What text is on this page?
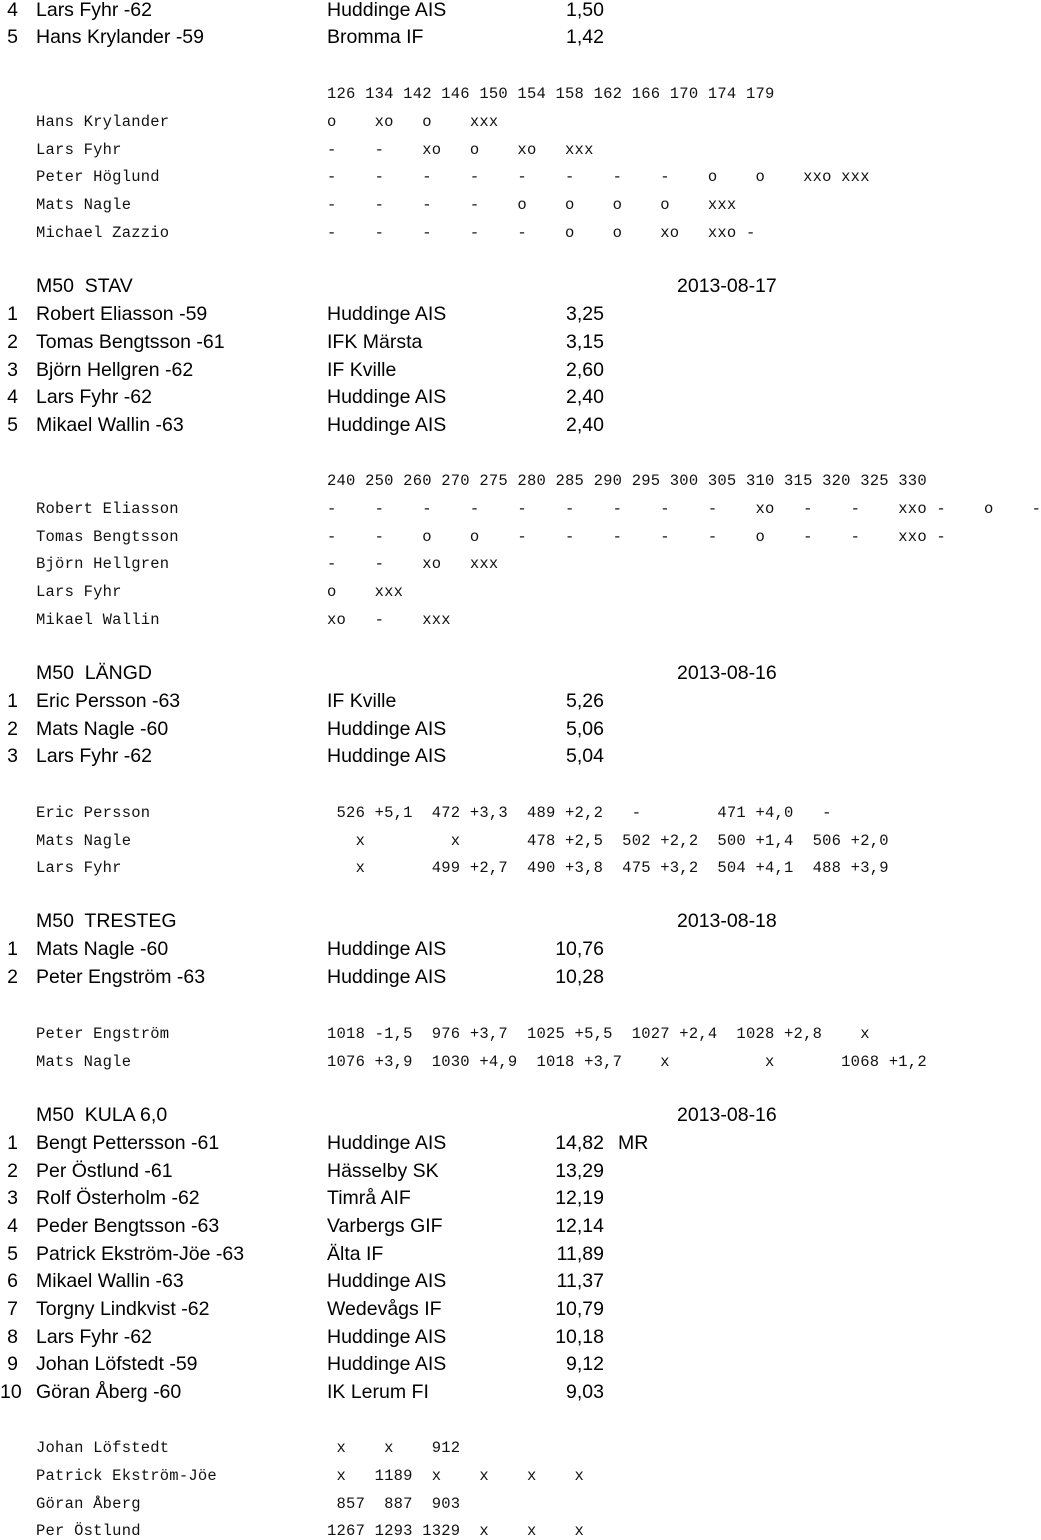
4 Lars Fyhr -62	Huddinge AIS	1,50
5 Hans Krylander -59	Bromma IF	1,42
126 134 142 146 150 154 158 162 166 170 174 179
Hans Krylander	o    xo   o    xxx
Lars Fyhr	-    -    xo   o    xo   xxx
Peter Höglund	-    -    -    -    -    -    -    -    o    o    xxo xxx
Mats Nagle	-    -    -    -    o    o    o    o    xxx
Michael Zazzio	-    -    -    -    -    o    o    xo   xxo -
M50  STAV	2013-08-17
1 Robert Eliasson -59	Huddinge AIS	3,25
2 Tomas Bengtsson -61	IFK Märsta	3,15
3 Björn Hellgren -62	IF Kville	2,60
4 Lars Fyhr -62	Huddinge AIS	2,40
5 Mikael Wallin -63	Huddinge AIS	2,40
240 250 260 270 275 280 285 290 295 300 305 310 315 320 325 330
Robert Eliasson	-    -    -    -    -    -    -    -    -    xo   -    -    xxo -    o    -
Tomas Bengtsson	-    -    o    o    -    -    -    -    -    o    -    -    xxo -
Björn Hellgren	-    -    xo   xxx
Lars Fyhr	o    xxx
Mikael Wallin	xo   -    xxx
M50  LÄNGD	2013-08-16
1 Eric Persson -63	IF Kville	5,26
2 Mats Nagle -60	Huddinge AIS	5,06
3 Lars Fyhr -62	Huddinge AIS	5,04
Eric Persson	526 +5,1  472 +3,3  489 +2,2   -        471 +4,0   -
Mats Nagle	x         x       478 +2,5  502 +2,2  500 +1,4  506 +2,0
Lars Fyhr	x       499 +2,7  490 +3,8  475 +3,2  504 +4,1  488 +3,9
M50  TRESTEG	2013-08-18
1 Mats Nagle -60	Huddinge AIS	10,76
2 Peter Engström -63	Huddinge AIS	10,28
Peter Engström	1018 -1,5  976 +3,7  1025 +5,5  1027 +2,4  1028 +2,8    x
Mats Nagle	1076 +3,9  1030 +4,9  1018 +3,7    x          x       1068 +1,2
M50  KULA 6,0	2013-08-16
1 Bengt Pettersson -61	Huddinge AIS	14,82 MR
2 Per Östlund -61	Hässelby SK	13,29
3 Rolf Österholm -62	Timrå AIF	12,19
4 Peder Bengtsson -63	Varbergs GIF	12,14
5 Patrick Ekström-Jöe -63	Älta IF	11,89
6 Mikael Wallin -63	Huddinge AIS	11,37
7 Torgny Lindkvist -62	Wedevågs IF	10,79
8 Lars Fyhr -62	Huddinge AIS	10,18
9 Johan Löfstedt -59	Huddinge AIS	9,12
10 Göran Åberg -60	IK Lerum FI	9,03
Johan Löfstedt	x    x    912
Patrick Ekström-Jöe	x   1189  x    x    x    x
Göran Åberg	857  887  903
Per Östlund	1267 1293 1329  x    x    x
